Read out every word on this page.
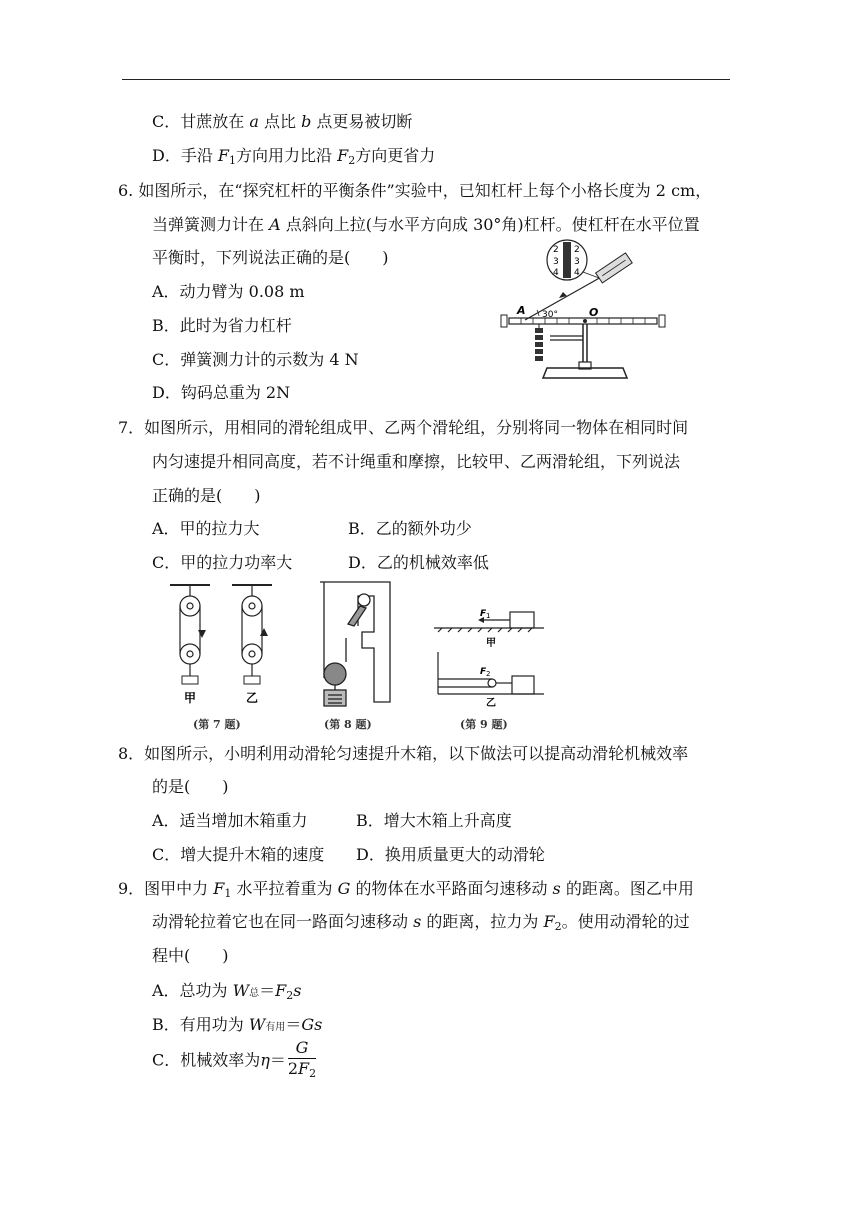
C．甘蔗放在 a 点比 b 点更易被切断
D．手沿 $F_1$方向用力比沿 $F_2$方向更省力
6. 如图所示，在“探究杠杆的平衡条件”实验中，已知杠杆上每个小格长度为 2 cm，
当弹簧测力计在 A 点斜向上拉(与水平方向成 30°角)杠杆。使杠杆在水平位置
平衡时，下列说法正确的是(　　)
A．动力臂为 0.08 m
B．此时为省力杠杆
C．弹簧测力计的示数为 4 N
D．钩码总重为 2N
O
A 30°
2
3
4
2
3
4
7．如图所示，用相同的滑轮组成甲、乙两个滑轮组，分别将同一物体在相同时间
内匀速提升相同高度，若不计绳重和摩擦，比较甲、乙两滑轮组，下列说法
正确的是(　　)
A．甲的拉力大	B．乙的额外功少
C．甲的拉力功率大	D．乙的机械效率低
甲	乙
(第 7 题)	(第 8 题)
F 1
F 2
甲
乙
(第 9 题)
8．如图所示，小明利用动滑轮匀速提升木箱，以下做法可以提高动滑轮机械效率
的是(　　)
A．适当增加木箱重力	B．增大木箱上升高度
C．增大提升木箱的速度 D．换用质量更大的动滑轮
9．图甲中力 $F_1$ 水平拉着重为 G 的物体在水平路面匀速移动 s 的距离。图乙中用
动滑轮拉着它也在同一路面匀速移动 s 的距离，拉力为 $F_2$。使用动滑轮的过
程中(　　)
A．总功为 W总$=F_2s$
B．有用功为 W有用＝Gs
C．机械效率为$\eta= \frac{G}{2F_2}$
